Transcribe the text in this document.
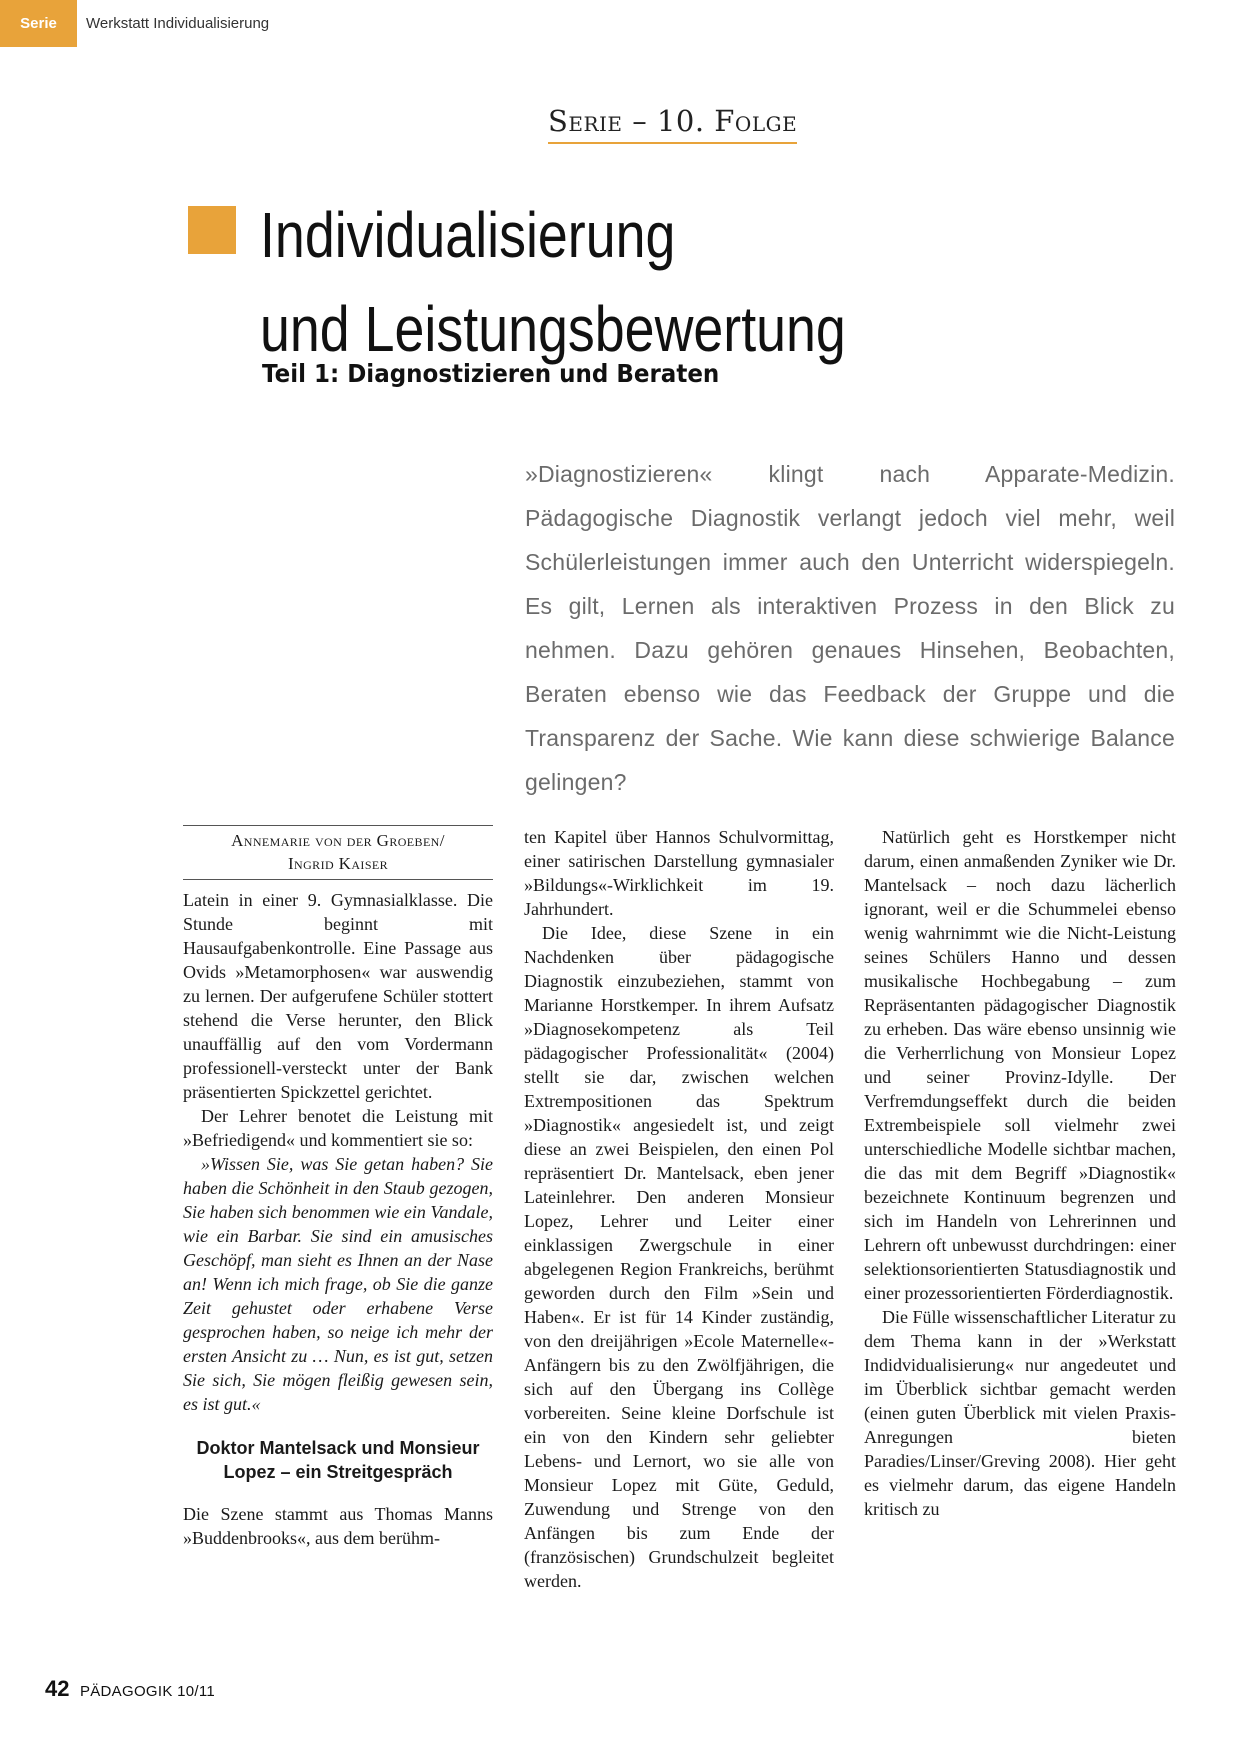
Serie	Werkstatt Individualisierung
Serie – 10. Folge
Individualisierung
und Leistungsbewertung
Teil 1: Diagnostizieren und Beraten

»Diagnostizieren« klingt nach Apparate-Medizin. Pädagogische Diagnostik verlangt jedoch viel mehr, weil Schülerleistungen immer auch den Unterricht widerspiegeln. Es gilt, Lernen als interaktiven Prozess in den Blick zu nehmen. Dazu gehören genaues Hinsehen, Beobachten, Beraten ebenso wie das Feedback der Gruppe und die Transparenz der Sache. Wie kann diese schwierige Balance gelingen?

Annemarie von der Groeben/
Ingrid Kaiser

Latein in einer 9. Gymnasialklasse. Die Stunde beginnt mit Hausaufgabenkontrolle. Eine Passage aus Ovids »Metamorphosen« war auswendig zu lernen. Der aufgerufene Schüler stottert stehend die Verse herunter, den Blick unauffällig auf den vom Vordermann professionell-versteckt unter der Bank präsentierten Spickzettel gerichtet.

Der Lehrer benotet die Leistung mit »Befriedigend« und kommentiert sie so:

»Wissen Sie, was Sie getan haben? Sie haben die Schönheit in den Staub gezogen, Sie haben sich benommen wie ein Vandale, wie ein Barbar. Sie sind ein amusisches Geschöpf, man sieht es Ihnen an der Nase an! Wenn ich mich frage, ob Sie die ganze Zeit gehustet oder erhabene Verse gesprochen haben, so neige ich mehr der ersten Ansicht zu … Nun, es ist gut, setzen Sie sich, Sie mögen fleißig gewesen sein, es ist gut.«

Doktor Mantelsack und Monsieur
Lopez – ein Streitgespräch

Die Szene stammt aus Thomas Manns »Buddenbrooks«, aus dem berühm-

ten Kapitel über Hannos Schulvormittag, einer satirischen Darstellung gymnasialer »Bildungs«-Wirklichkeit im 19. Jahrhundert.

Die Idee, diese Szene in ein Nachdenken über pädagogische Diagnostik einzubeziehen, stammt von Marianne Horstkemper. In ihrem Aufsatz »Diagnosekompetenz als Teil pädagogischer Professionalität« (2004) stellt sie dar, zwischen welchen Extrempositionen das Spektrum »Diagnostik« angesiedelt ist, und zeigt diese an zwei Beispielen, den einen Pol repräsentiert Dr. Mantelsack, eben jener Lateinlehrer. Den anderen Monsieur Lopez, Lehrer und Leiter einer einklassigen Zwergschule in einer abgelegenen Region Frankreichs, berühmt geworden durch den Film »Sein und Haben«. Er ist für 14 Kinder zuständig, von den dreijährigen »Ecole Maternelle«-Anfängern bis zu den Zwölfjährigen, die sich auf den Übergang ins Collège vorbereiten. Seine kleine Dorfschule ist ein von den Kindern sehr geliebter Lebens- und Lernort, wo sie alle von Monsieur Lopez mit Güte, Geduld, Zuwendung und Strenge von den Anfängen bis zum Ende der (französischen) Grundschulzeit begleitet werden.

Natürlich geht es Horstkemper nicht darum, einen anmaßenden Zyniker wie Dr. Mantelsack – noch dazu lächerlich ignorant, weil er die Schummelei ebenso wenig wahrnimmt wie die Nicht-Leistung seines Schülers Hanno und dessen musikalische Hochbegabung – zum Repräsentanten pädagogischer Diagnostik zu erheben. Das wäre ebenso unsinnig wie die Verherrlichung von Monsieur Lopez und seiner Provinz-Idylle. Der Verfremdungseffekt durch die beiden Extrembeispiele soll vielmehr zwei unterschiedliche Modelle sichtbar machen, die das mit dem Begriff »Diagnostik« bezeichnete Kontinuum begrenzen und sich im Handeln von Lehrerinnen und Lehrern oft unbewusst durchdringen: einer selektionsorientierten Statusdiagnostik und einer prozessorientierten Förderdiagnostik.

Die Fülle wissenschaftlicher Literatur zu dem Thema kann in der »Werkstatt Indidvidualisierung« nur angedeutet und im Überblick sichtbar gemacht werden (einen guten Überblick mit vielen Praxis-Anregungen bieten Paradies/Linser/Greving 2008). Hier geht es vielmehr darum, das eigene Handeln kritisch zu

42 PÄDAGOGIK 10/11
